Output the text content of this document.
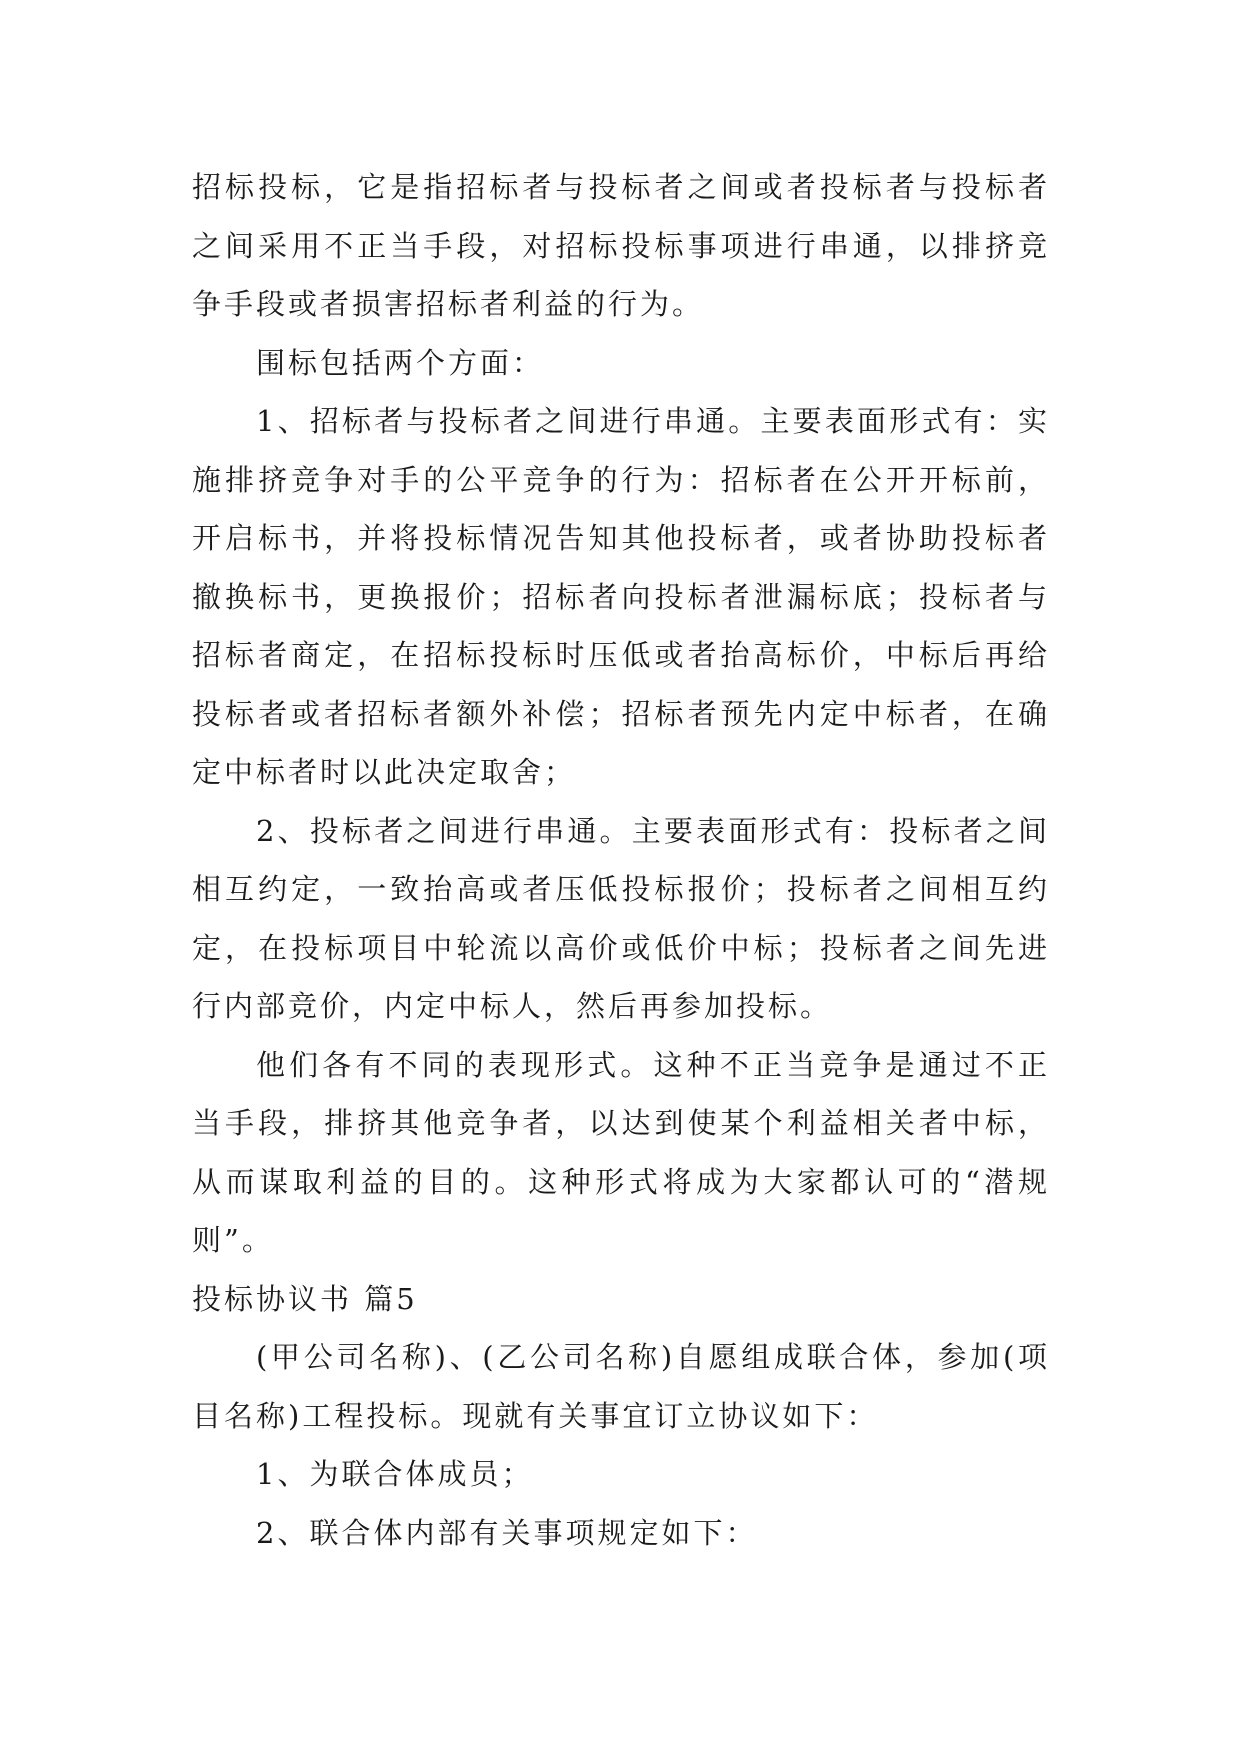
招标投标，它是指招标者与投标者之间或者投标者与投标者之间采用不正当手段，对招标投标事项进行串通，以排挤竞争手段或者损害招标者利益的行为。

围标包括两个方面：

1、招标者与投标者之间进行串通。主要表面形式有：实施排挤竞争对手的公平竞争的行为：招标者在公开开标前，开启标书，并将投标情况告知其他投标者，或者协助投标者撤换标书，更换报价；招标者向投标者泄漏标底；投标者与招标者商定，在招标投标时压低或者抬高标价，中标后再给投标者或者招标者额外补偿；招标者预先内定中标者，在确定中标者时以此决定取舍；

2、投标者之间进行串通。主要表面形式有：投标者之间相互约定，一致抬高或者压低投标报价；投标者之间相互约定，在投标项目中轮流以高价或低价中标；投标者之间先进行内部竞价，内定中标人，然后再参加投标。

他们各有不同的表现形式。这种不正当竞争是通过不正当手段，排挤其他竞争者，以达到使某个利益相关者中标，从而谋取利益的目的。这种形式将成为大家都认可的“潜规则”。

投标协议书 篇5

(甲公司名称)、(乙公司名称)自愿组成联合体，参加(项目名称)工程投标。现就有关事宜订立协议如下：

1、为联合体成员；

2、联合体内部有关事项规定如下：
